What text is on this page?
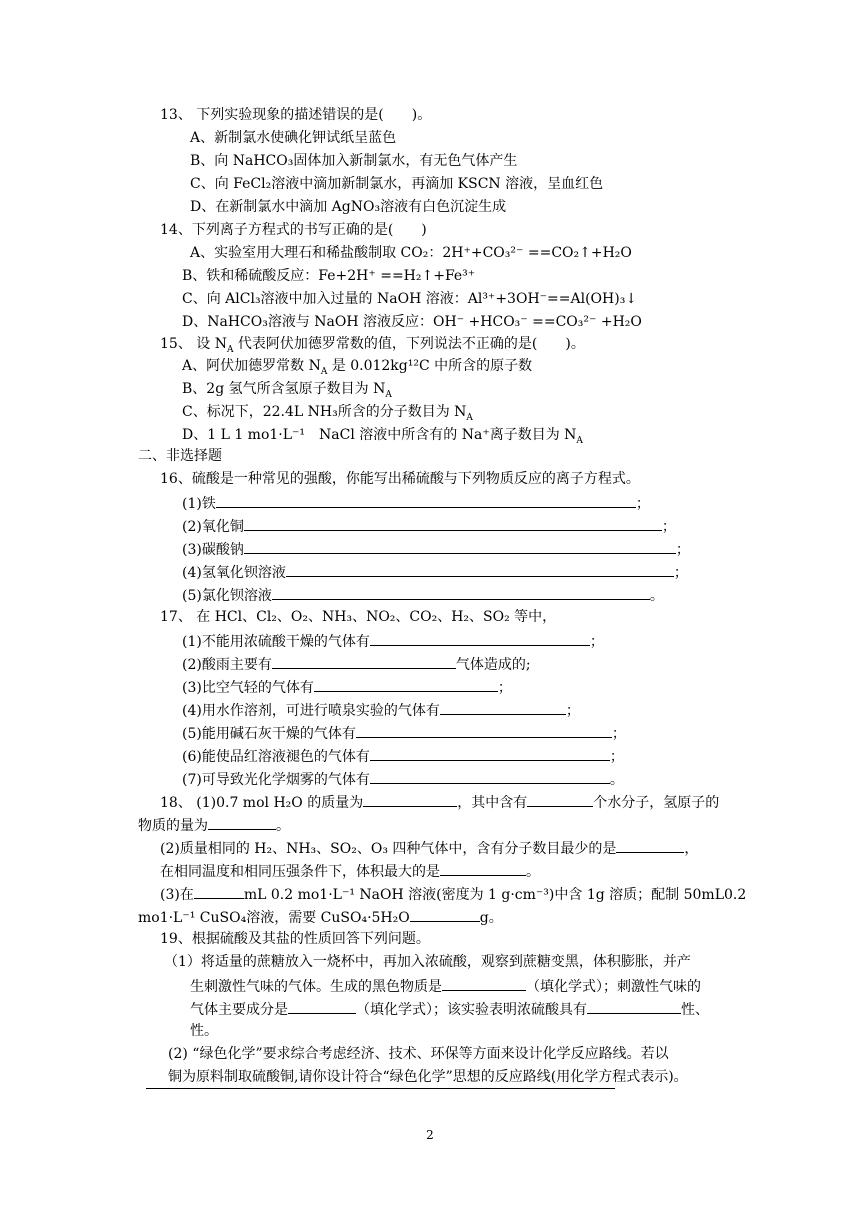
13、 下列实验现象的描述错误的是(　　)。
A、新制氯水使碘化钾试纸呈蓝色
B、向 NaHCO₃固体加入新制氯水，有无色气体产生
C、向 FeCl₂溶液中滴加新制氯水，再滴加 KSCN 溶液，呈血红色
D、在新制氯水中滴加 AgNO₃溶液有白色沉淀生成
14、下列离子方程式的书写正确的是(　　)
A、实验室用大理石和稀盐酸制取 CO₂：2H⁺+CO₃²⁻ ==CO₂↑+H₂O
B、铁和稀硫酸反应：Fe+2H⁺ ==H₂↑+Fe³⁺
C、向 AlCl₃溶液中加入过量的 NaOH 溶液：Al³⁺+3OH⁻==Al(OH)₃↓
D、NaHCO₃溶液与 NaOH 溶液反应：OH⁻ +HCO₃⁻ ==CO₃²⁻ +H₂O
15、 设 $N_A$ 代表阿伏加德罗常数的值，下列说法不正确的是(　　)。
A、阿伏加德罗常数 $N_A$ 是 0.012kg¹²C 中所含的原子数
B、2g 氢气所含氢原子数目为 $N_A$
C、标况下，22.4L NH₃所含的分子数目为 $N_A$
D、1 L 1 mo1·L⁻¹　NaCl 溶液中所含有的 Na⁺离子数目为 $N_A$
二、非选择题
16、硫酸是一种常见的强酸，你能写出稀硫酸与下列物质反应的离子方程式。
(1)铁	；
(2)氧化铜	；
(3)碳酸钠	；
(4)氢氧化钡溶液	；
(5)氯化钡溶液	。
17、 在 HCl、Cl₂、O₂、NH₃、NO₂、CO₂、H₂、SO₂ 等中，
(1)不能用浓硫酸干燥的气体有	；
(2)酸雨主要有	气体造成的;
(3)比空气轻的气体有	；
(4)用水作溶剂，可进行喷泉实验的气体有	；
(5)能用碱石灰干燥的气体有	；
(6)能使品红溶液褪色的气体有	；
(7)可导致光化学烟雾的气体有	。
18、 (1)0.7 mol H₂O 的质量为	，其中含有	个水分子，氢原子的
物质的量为	。
(2)质量相同的 H₂、NH₃、SO₂、O₃ 四种气体中，含有分子数目最少的是	，
在相同温度和相同压强条件下，体积最大的是	。
(3)在	mL 0.2 mo1·L⁻¹ NaOH 溶液(密度为 1 g·cm⁻³)中含 1g 溶质；配制 50mL0.2
mo1·L⁻¹ CuSO₄溶液，需要 CuSO₄·5H₂O	g。
19、根据硫酸及其盐的性质回答下列问题。
（1）将适量的蔗糖放入一烧杯中，再加入浓硫酸，观察到蔗糖变黑，体积膨胀，并产
生刺激性气味的气体。生成的黑色物质是	（填化学式）；刺激性气味的
气体主要成分是	（填化学式）；该实验表明浓硫酸具有	性、
性。
(2) “绿色化学”要求综合考虑经济、技术、环保等方面来设计化学反应路线。若以
铜为原料制取硫酸铜,请你设计符合“绿色化学”思想的反应路线(用化学方程式表示)。
2
